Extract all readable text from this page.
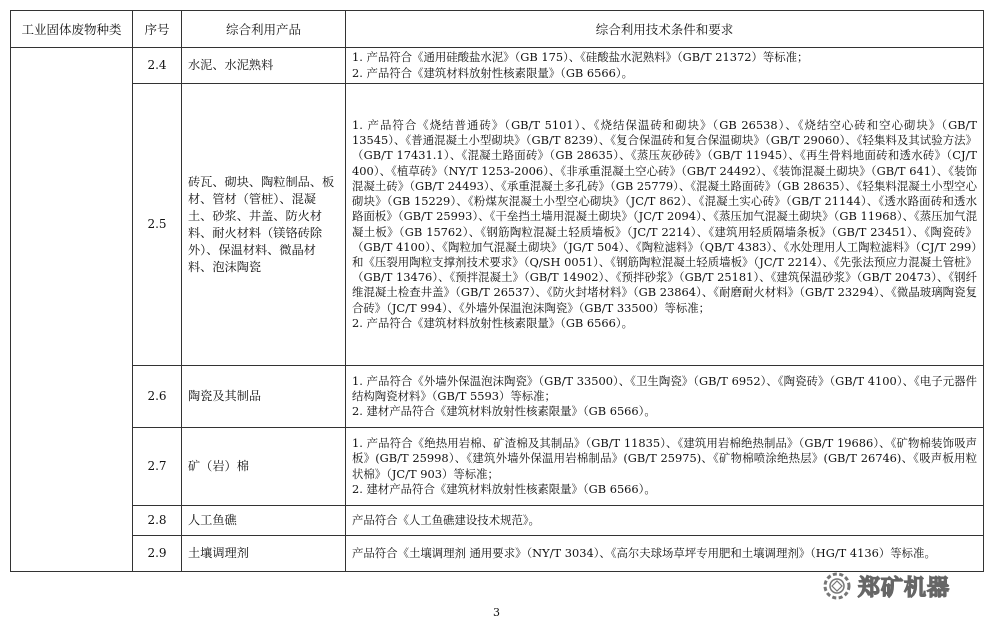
工业固体废物种类	序号	综合利用产品	综合利用技术条件和要求
	2.4	水泥、水泥熟料	1. 产品符合《通用硅酸盐水泥》（GB 175）、《硅酸盐水泥熟料》（GB/T 21372）等标准；
2. 产品符合《建筑材料放射性核素限量》（GB 6566）。

	2.5	砖瓦、砌块、陶粒制品、板材、管材（管桩）、混凝土、砂浆、井盖、防火材料、耐火材料（镁铬砖除外）、保温材料、微晶材料、泡沫陶瓷	1. 产品符合《烧结普通砖》（GB/T 5101）、《烧结保温砖和砌块》（GB 26538）、《烧结空心砖和空心砌块》（GB/T 13545）、《普通混凝土小型砌块》（GB/T 8239）、《复合保温砖和复合保温砌块》（GB/T 29060）、《轻集料及其试验方法》（GB/T 17431.1）、《混凝土路面砖》（GB 28635）、《蒸压灰砂砖》（GB/T 11945）、《再生骨料地面砖和透水砖》（CJ/T 400）、《植草砖》（NY/T 1253-2006）、《非承重混凝土空心砖》（GB/T 24492）、《装饰混凝土砌块》（GB/T 641）、《装饰混凝土砖》（GB/T 24493）、《承重混凝土多孔砖》（GB 25779）、《混凝土路面砖》（GB 28635）、《轻集料混凝土小型空心砌块》（GB 15229）、《粉煤灰混凝土小型空心砌块》（JC/T 862）、《混凝土实心砖》（GB/T 21144）、《透水路面砖和透水路面板》（GB/T 25993）、《干垒挡土墙用混凝土砌块》（JC/T 2094）、《蒸压加气混凝土砌块》（GB 11968）、《蒸压加气混凝土板》（GB 15762）、《钢筋陶粒混凝土轻质墙板》（JC/T 2214）、《建筑用轻质隔墙条板》（GB/T 23451）、《陶瓷砖》（GB/T 4100）、《陶粒加气混凝土砌块》（JG/T 504）、《陶粒滤料》（QB/T 4383）、《水处理用人工陶粒滤料》（CJ/T 299）和《压裂用陶粒支撑剂技术要求》（Q/SH 0051）、《钢筋陶粒混凝土轻质墙板》（JC/T 2214）、《先张法预应力混凝土管桩》（GB/T 13476）、《预拌混凝土》（GB/T 14902）、《预拌砂浆》（GB/T 25181）、《建筑保温砂浆》（GB/T 20473）、《钢纤维混凝土检查井盖》（GB/T 26537）、《防火封堵材料》（GB 23864）、《耐磨耐火材料》（GB/T 23294）、《微晶玻璃陶瓷复合砖》（JC/T 994）、《外墙外保温泡沫陶瓷》（GB/T 33500）等标准；
2. 产品符合《建筑材料放射性核素限量》（GB 6566）。

	2.6	陶瓷及其制品	1. 产品符合《外墙外保温泡沫陶瓷》（GB/T 33500）、《卫生陶瓷》（GB/T 6952）、《陶瓷砖》（GB/T 4100）、《电子元器件结构陶瓷材料》（GB/T 5593）等标准；
2. 建材产品符合《建筑材料放射性核素限量》（GB 6566）。

	2.7	矿（岩）棉	1. 产品符合《绝热用岩棉、矿渣棉及其制品》（GB/T 11835）、《建筑用岩棉绝热制品》（GB/T 19686）、《矿物棉装饰吸声板》(GB/T 25998）、《建筑外墙外保温用岩棉制品》(GB/T 25975)、《矿物棉喷涂绝热层》(GB/T 26746)、《吸声板用粒状棉》（JC/T 903）等标准；
2. 建材产品符合《建筑材料放射性核素限量》（GB 6566）。

	2.8	人工鱼礁	产品符合《人工鱼礁建设技术规范》。

	2.9	土壤调理剂	产品符合《土壤调理剂 通用要求》（NY/T 3034）、《高尔夫球场草坪专用肥和土壤调理剂》（HG/T 4136）等标准。
郑矿机器
3
